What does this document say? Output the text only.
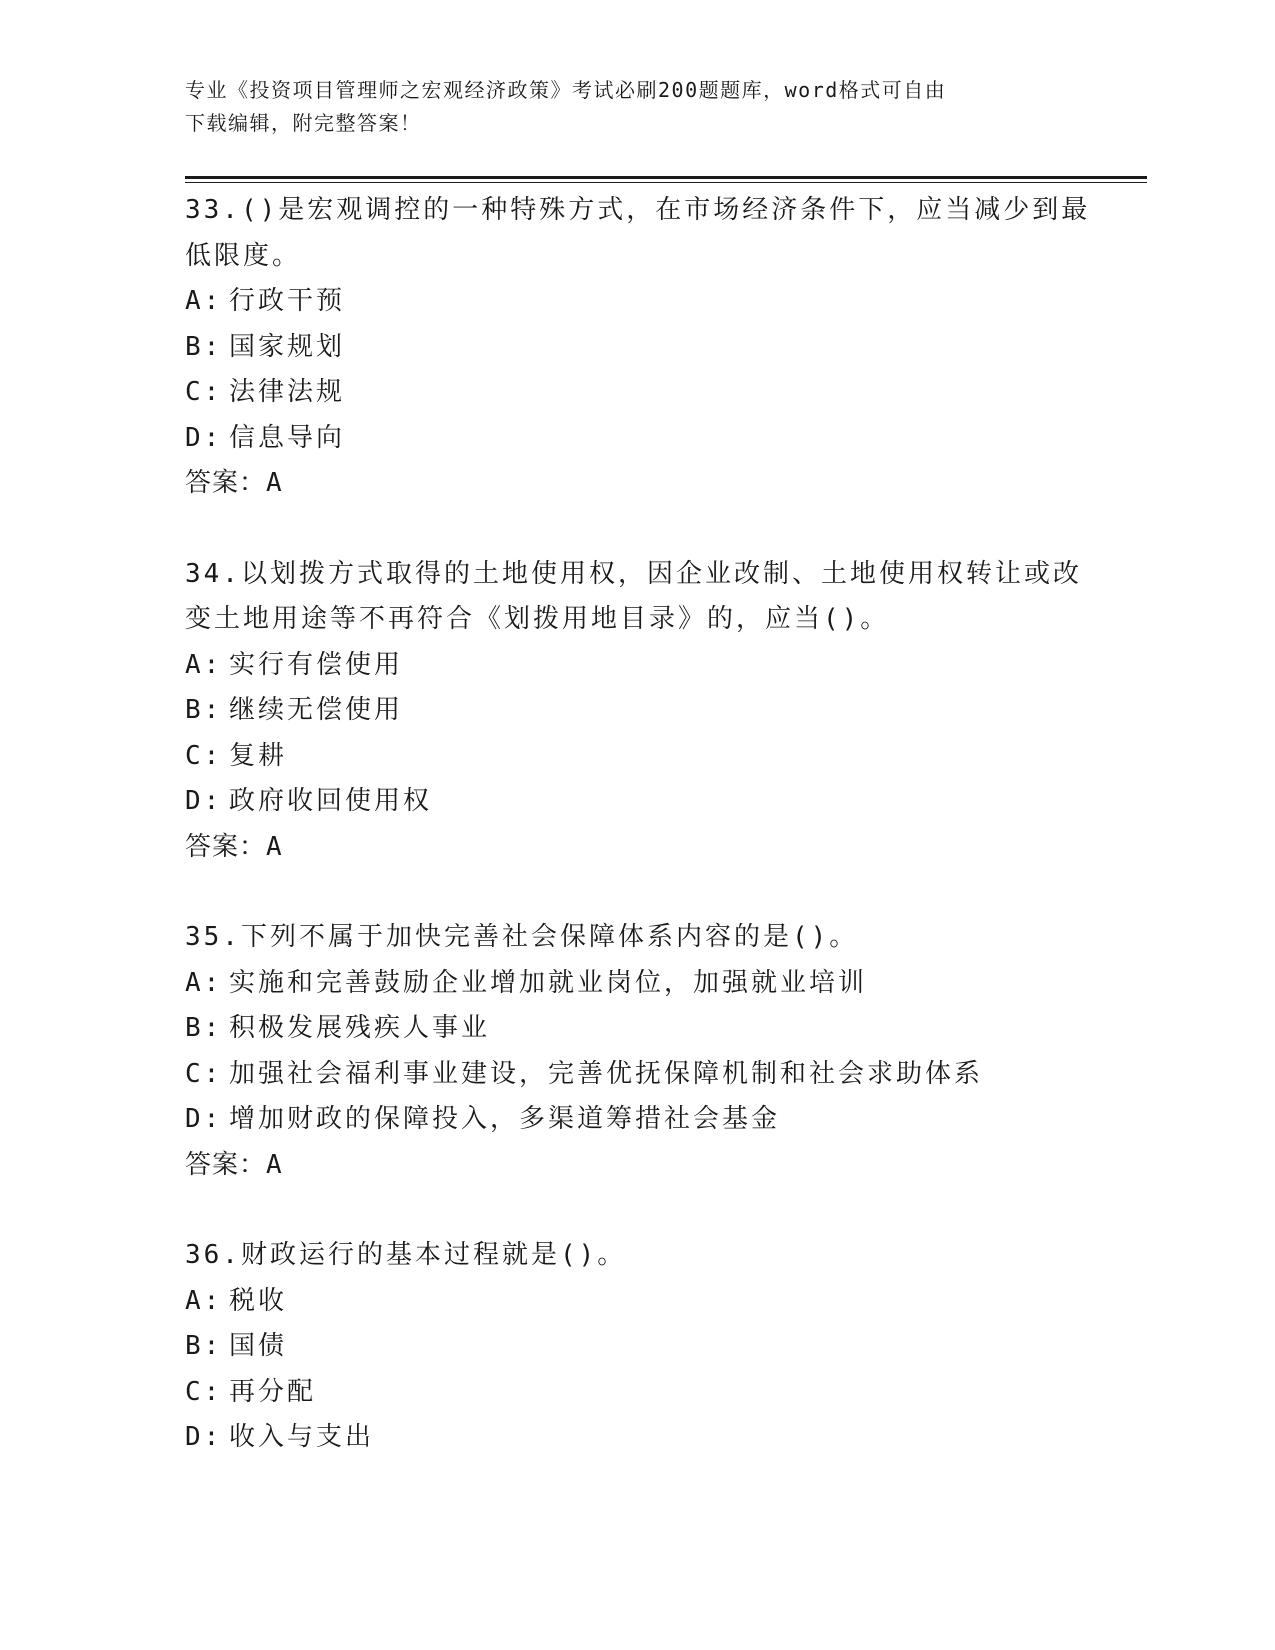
专业《投资项目管理师之宏观经济政策》考试必刷200题题库，word格式可自由
下载编辑，附完整答案！
33.()是宏观调控的一种特殊方式，在市场经济条件下，应当减少到最
低限度。
A: 行政干预
B: 国家规划
C: 法律法规
D: 信息导向
答案：A
34.以划拨方式取得的土地使用权，因企业改制、土地使用权转让或改
变土地用途等不再符合《划拨用地目录》的，应当()。
A: 实行有偿使用
B: 继续无偿使用
C: 复耕
D: 政府收回使用权
答案：A
35.下列不属于加快完善社会保障体系内容的是()。
A: 实施和完善鼓励企业增加就业岗位，加强就业培训
B: 积极发展残疾人事业
C: 加强社会福利事业建设，完善优抚保障机制和社会求助体系
D: 增加财政的保障投入，多渠道筹措社会基金
答案：A
36.财政运行的基本过程就是()。
A: 税收
B: 国债
C: 再分配
D: 收入与支出
